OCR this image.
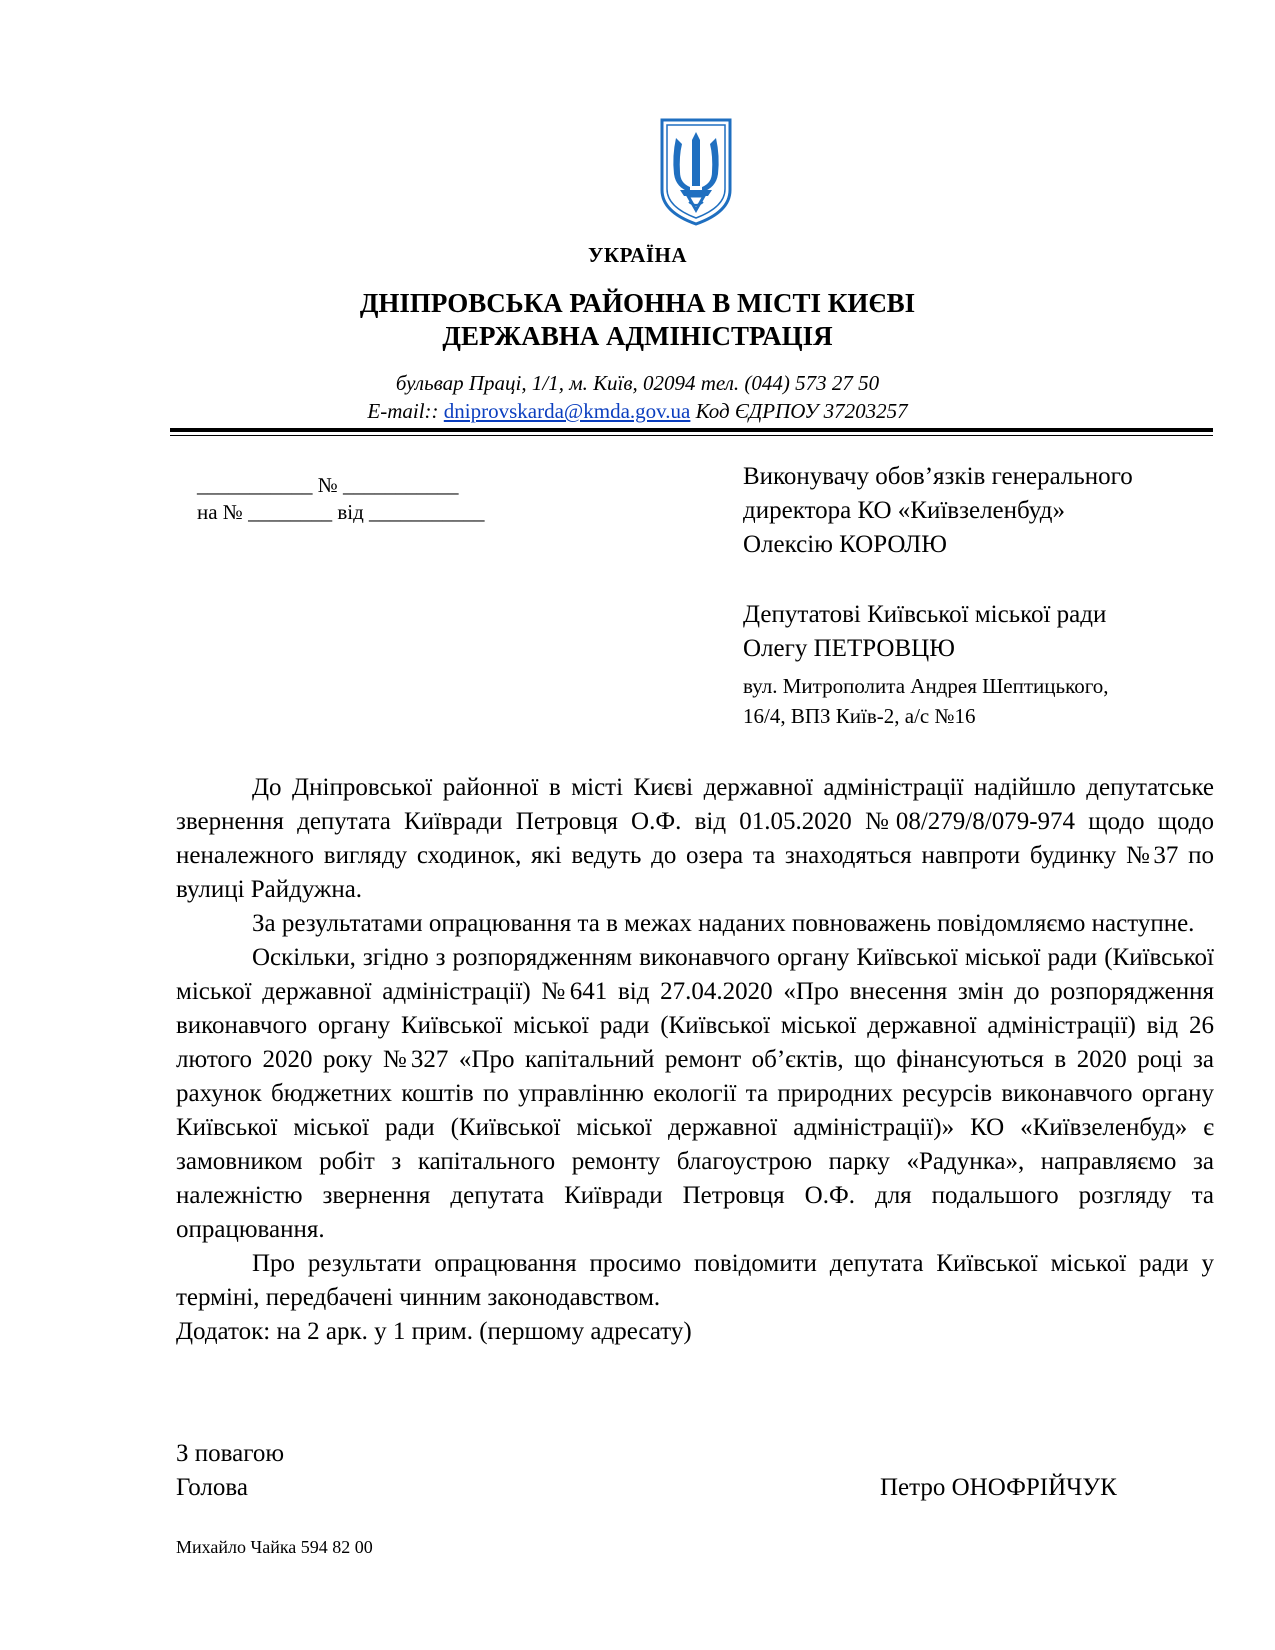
УКРАЇНА
ДНІПРОВСЬКА РАЙОННА В МІСТІ КИЄВІ
ДЕРЖАВНА АДМІНІСТРАЦІЯ
бульвар Праці, 1/1, м. Київ, 02094 тел. (044) 573 27 50
E-mail:: dniprovskarda@kmda.gov.ua Код ЄДРПОУ 37203257
___________ № ___________
на № ________ від ___________
Виконувачу обов’язків генерального
директора КО «Київзеленбуд»
Олексію КОРОЛЮ
Депутатові Київської міської ради
Олегу ПЕТРОВЦЮ
вул. Митрополита Андрея Шептицького,
16/4, ВПЗ Київ-2, а/с №16

До Дніпровської районної в місті Києві державної адміністрації надійшло депутатське звернення депутата Київради Петровця О.Ф. від 01.05.2020 №08/279/8/079-974 щодо щодо неналежного вигляду сходинок, які ведуть до озера та знаходяться навпроти будинку №37 по вулиці Райдужна.

За результатами опрацювання та в межах наданих повноважень повідомляємо наступне.

Оскільки, згідно з розпорядженням виконавчого органу Київської міської ради (Київської міської державної адміністрації) №641 від 27.04.2020 «Про внесення змін до розпорядження виконавчого органу Київської міської ради (Київської міської державної адміністрації) від 26 лютого 2020 року №327 «Про капітальний ремонт об’єктів, що фінансуються в 2020 році за рахунок бюджетних коштів по управлінню екології та природних ресурсів виконавчого органу Київської міської ради (Київської міської державної адміністрації)» КО «Київзеленбуд» є замовником робіт з капітального ремонту благоустрою парку «Радунка», направляємо за належністю звернення депутата Київради Петровця О.Ф. для подальшого розгляду та опрацювання.

Про результати опрацювання просимо повідомити депутата Київської міської ради у терміні, передбачені чинним законодавством.

Додаток: на 2 арк. у 1 прим. (першому адресату)

З повагою
Голова	Петро ОНОФРІЙЧУК
Михайло Чайка 594 82 00
